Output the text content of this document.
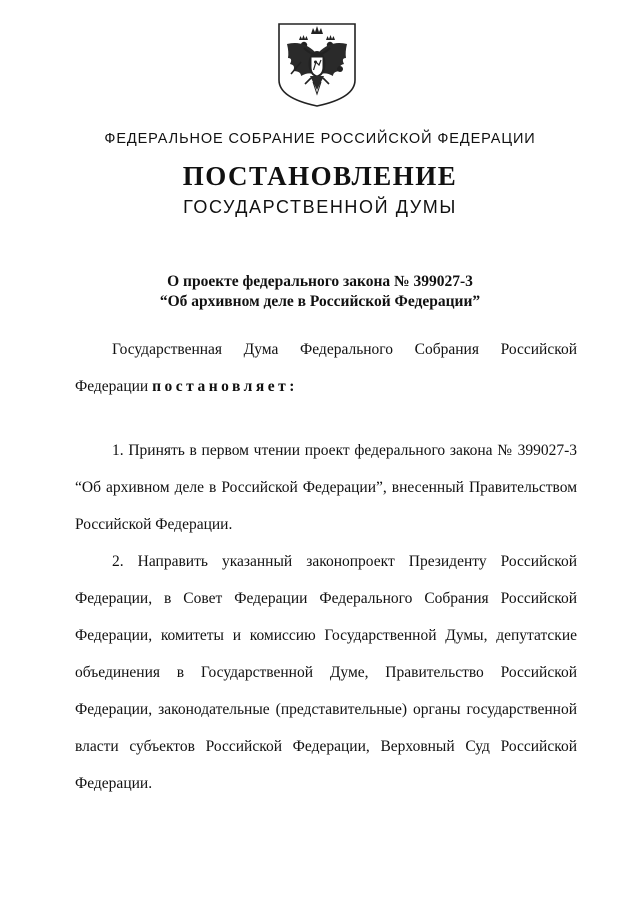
ФЕДЕРАЛЬНОЕ СОБРАНИЕ РОССИЙСКОЙ ФЕДЕРАЦИИ

ПОСТАНОВЛЕНИЕ

ГОСУДАРСТВЕННОЙ ДУМЫ

О проекте федерального закона № 399027-3
“Об архивном деле в Российской Федерации”
Государственная Дума Федерального Собрания Российской
Федерации постановляет:
1. Принять в первом чтении проект федерального закона № 399027-3
“Об архивном деле в Российской Федерации”, внесенный Правительством
Российской Федерации.
2. Направить указанный законопроект Президенту Российской
Федерации, в Совет Федерации Федерального Собрания Российской
Федерации, комитеты и комиссию Государственной Думы, депутатские
объединения в Государственной Думе, Правительство Российской
Федерации, законодательные (представительные) органы государственной
власти субъектов Российской Федерации, Верховный Суд Российской
Федерации.
